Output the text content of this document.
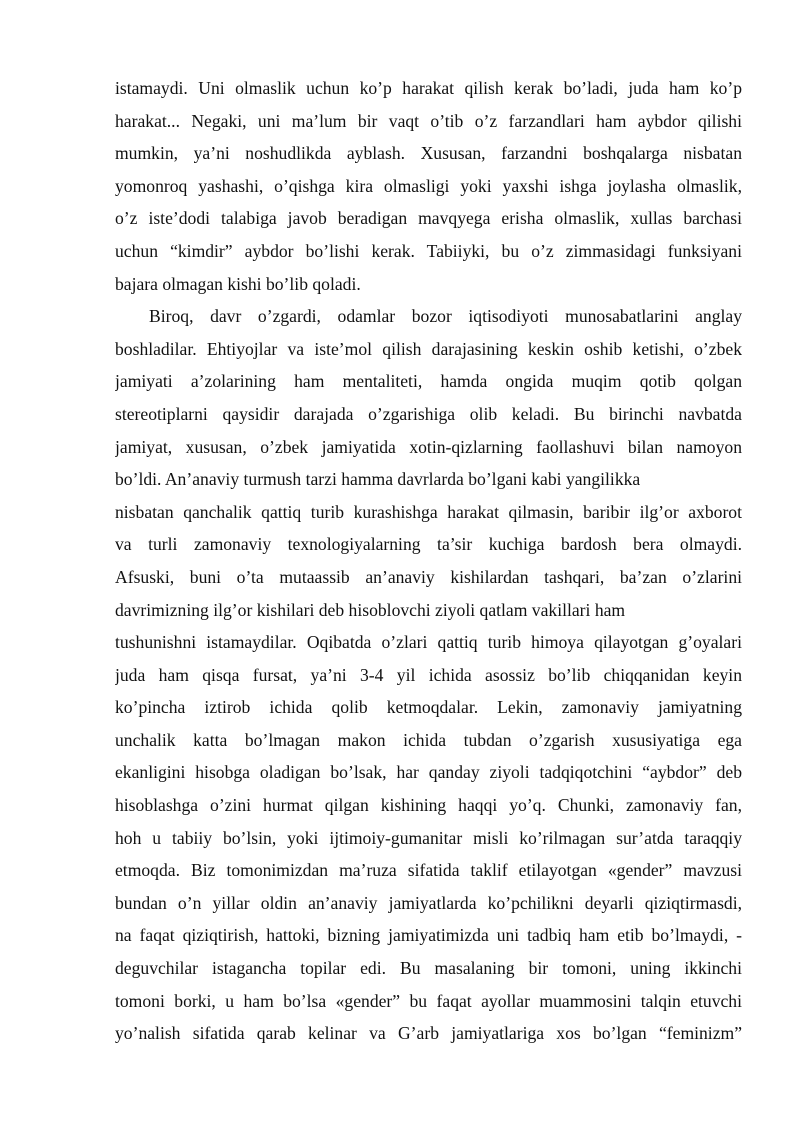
istamaydi. Uni olmaslik uchun ko’p harakat qilish kerak bo’ladi, juda ham ko’p
harakat... Negaki, uni ma’lum bir vaqt o’tib o’z farzandlari ham aybdor qilishi
mumkin, ya’ni noshudlikda ayblash. Xususan, farzandni boshqalarga nisbatan
yomonroq yashashi, o’qishga kira olmasligi yoki yaxshi ishga joylasha olmaslik,
o’z iste’dodi talabiga javob beradigan mavqyega erisha olmaslik, xullas barchasi
uchun “kimdir” aybdor bo’lishi kerak. Tabiiyki, bu o’z zimmasidagi funksiyani
bajara olmagan kishi bo’lib qoladi.
Biroq, davr o’zgardi, odamlar bozor iqtisodiyoti munosabatlarini anglay
boshladilar. Ehtiyojlar va iste’mol qilish darajasining keskin oshib ketishi, o’zbek
jamiyati a’zolarining ham mentaliteti, hamda ongida muqim qotib qolgan
stereotiplarni qaysidir darajada o’zgarishiga olib keladi. Bu birinchi navbatda
jamiyat, xususan, o’zbek jamiyatida xotin-qizlarning faollashuvi bilan namoyon
bo’ldi. An’anaviy turmush tarzi hamma davrlarda bo’lgani kabi yangilikka
nisbatan qanchalik qattiq turib kurashishga harakat qilmasin, baribir ilg’or axborot
va turli zamonaviy texnologiyalarning ta’sir kuchiga bardosh bera olmaydi.
Afsuski, buni o’ta mutaassib an’anaviy kishilardan tashqari, ba’zan o’zlarini
davrimizning ilg’or kishilari deb hisoblovchi ziyoli qatlam vakillari ham
tushunishni istamaydilar. Oqibatda o’zlari qattiq turib himoya qilayotgan g’oyalari
juda ham qisqa fursat, ya’ni 3-4 yil ichida asossiz bo’lib chiqqanidan keyin
ko’pincha iztirob ichida qolib ketmoqdalar. Lekin, zamonaviy jamiyatning
unchalik katta bo’lmagan makon ichida tubdan o’zgarish xususiyatiga ega
ekanligini hisobga oladigan bo’lsak, har qanday ziyoli tadqiqotchini “aybdor” deb
hisoblashga o’zini hurmat qilgan kishining haqqi yo’q. Chunki, zamonaviy fan,
hoh u tabiiy bo’lsin, yoki ijtimoiy-gumanitar misli ko’rilmagan sur’atda taraqqiy
etmoqda. Biz tomonimizdan ma’ruza sifatida taklif etilayotgan «gender” mavzusi
bundan o’n yillar oldin an’anaviy jamiyatlarda ko’pchilikni deyarli qiziqtirmasdi,
na faqat qiziqtirish, hattoki, bizning jamiyatimizda uni tadbiq ham etib bo’lmaydi, -
deguvchilar istagancha topilar edi. Bu masalaning bir tomoni, uning ikkinchi
tomoni borki, u ham bo’lsa «gender” bu faqat ayollar muammosini talqin etuvchi
yo’nalish sifatida qarab kelinar va G’arb jamiyatlariga xos bo’lgan “feminizm”
